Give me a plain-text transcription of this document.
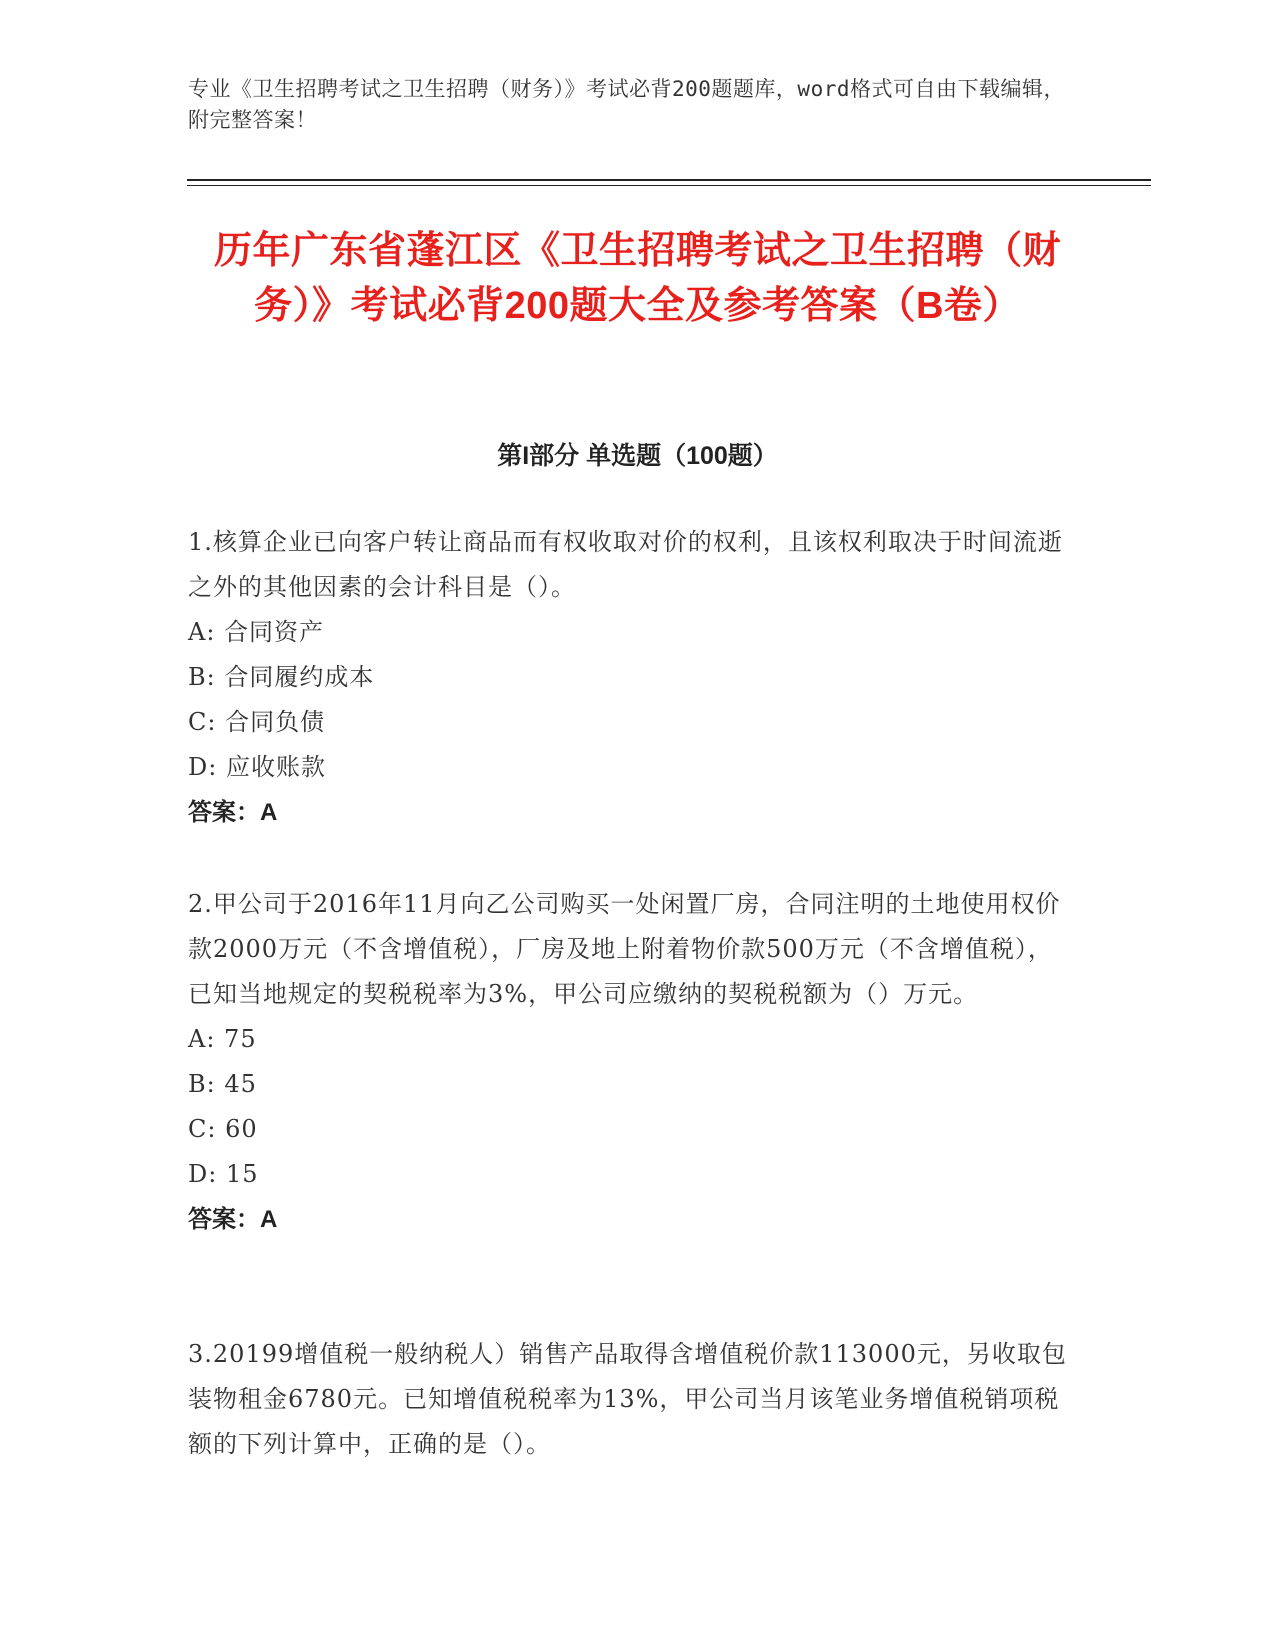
专业《卫生招聘考试之卫生招聘（财务）》考试必背200题题库，word格式可自由下载编辑，附完整答案！
历年广东省蓬江区《卫生招聘考试之卫生招聘（财务）》考试必背200题大全及参考答案（B卷）
第I部分 单选题（100题）
1.核算企业已向客户转让商品而有权收取对价的权利，且该权利取决于时间流逝之外的其他因素的会计科目是（）。
A: 合同资产
B: 合同履约成本
C: 合同负债
D: 应收账款
答案：A
2.甲公司于2016年11月向乙公司购买一处闲置厂房，合同注明的土地使用权价款2000万元（不含增值税），厂房及地上附着物价款500万元（不含增值税），已知当地规定的契税税率为3%，甲公司应缴纳的契税税额为（）万元。
A: 75
B: 45
C: 60
D: 15
答案：A
3.20199增值税一般纳税人）销售产品取得含增值税价款113000元，另收取包装物租金6780元。已知增值税税率为13%，甲公司当月该笔业务增值税销项税额的下列计算中，正确的是（）。
